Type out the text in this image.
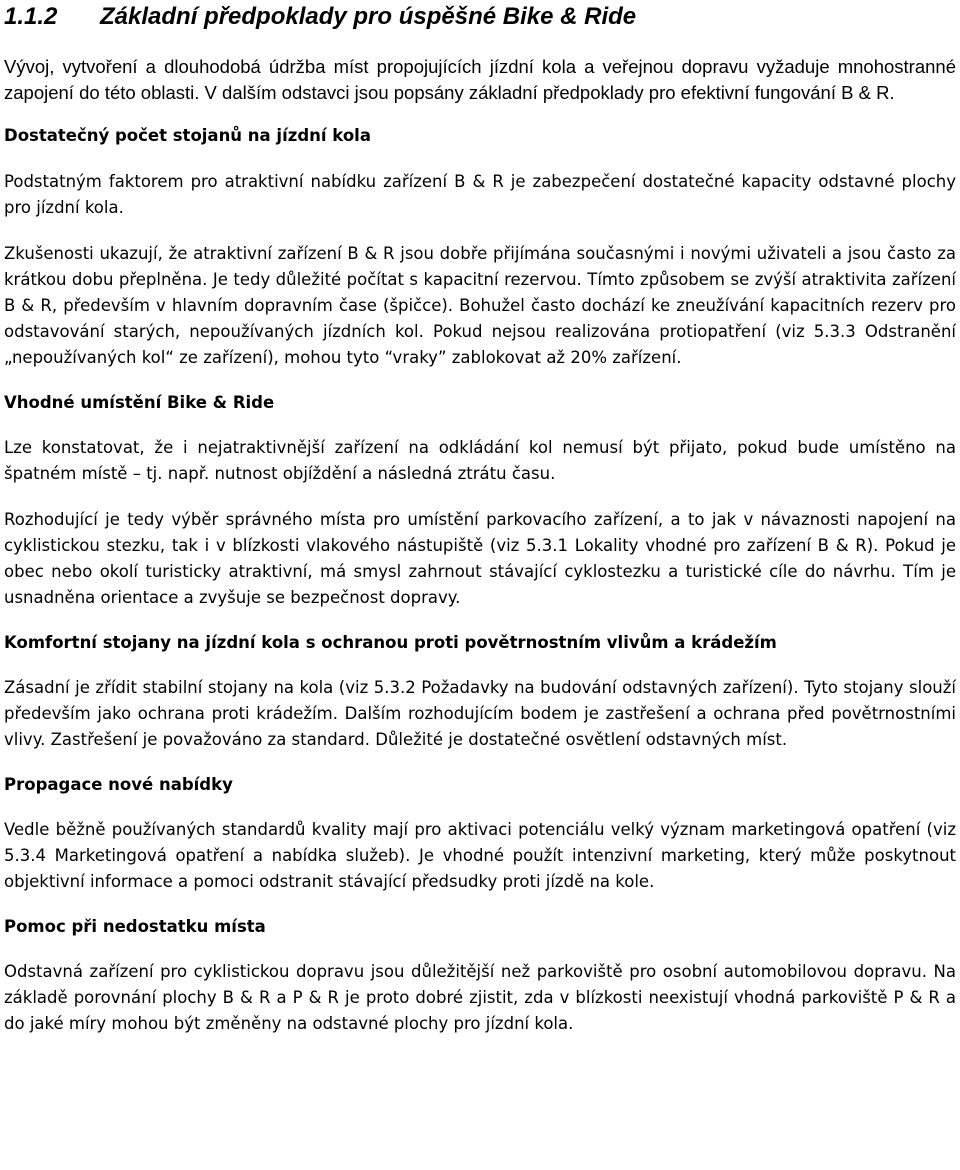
1.1.2 Základní předpoklady pro úspěšné Bike & Ride

Vývoj, vytvoření a dlouhodobá údržba míst propojujících jízdní kola a veřejnou dopravu vyžaduje mnohostranné zapojení do této oblasti. V dalším odstavci jsou popsány základní předpoklady pro efektivní fungování B & R.

Dostatečný počet stojanů na jízdní kola

Podstatným faktorem pro atraktivní nabídku zařízení B & R je zabezpečení dostatečné kapacity odstavné plochy pro jízdní kola.

Zkušenosti ukazují, že atraktivní zařízení B & R jsou dobře přijímána současnými i novými uživateli a jsou často za krátkou dobu přeplněna. Je tedy důležité počítat s kapacitní rezervou. Tímto způsobem se zvýší atraktivita zařízení B & R, především v hlavním dopravním čase (špičce). Bohužel často dochází ke zneužívání kapacitních rezerv pro odstavování starých, nepoužívaných jízdních kol. Pokud nejsou realizována protiopatření (viz 5.3.3 Odstranění „nepoužívaných kol“ ze zařízení), mohou tyto “vraky” zablokovat až 20% zařízení.

Vhodné umístění Bike & Ride

Lze konstatovat, že i nejatraktivnější zařízení na odkládání kol nemusí být přijato, pokud bude umístěno na špatném místě – tj. např. nutnost objíždění a následná ztrátu času.

Rozhodující je tedy výběr správného místa pro umístění parkovacího zařízení, a to jak v návaznosti napojení na cyklistickou stezku, tak i v blízkosti vlakového nástupiště (viz 5.3.1 Lokality vhodné pro zařízení B & R). Pokud je obec nebo okolí turisticky atraktivní, má smysl zahrnout stávající cyklostezku a turistické cíle do návrhu. Tím je usnadněna orientace a zvyšuje se bezpečnost dopravy.

Komfortní stojany na jízdní kola s ochranou proti povětrnostním vlivům a krádežím

Zásadní je zřídit stabilní stojany na kola (viz 5.3.2 Požadavky na budování odstavných zařízení). Tyto stojany slouží především jako ochrana proti krádežím. Dalším rozhodujícím bodem je zastřešení a ochrana před povětrnostními vlivy. Zastřešení je považováno za standard. Důležité je dostatečné osvětlení odstavných míst.

Propagace nové nabídky

Vedle běžně používaných standardů kvality mají pro aktivaci potenciálu velký význam marketingová opatření (viz 5.3.4 Marketingová opatření a nabídka služeb). Je vhodné použít intenzivní marketing, který může poskytnout objektivní informace a pomoci odstranit stávající předsudky proti jízdě na kole.

Pomoc při nedostatku místa

Odstavná zařízení pro cyklistickou dopravu jsou důležitější než parkoviště pro osobní automobilovou dopravu. Na základě porovnání plochy B & R a P & R je proto dobré zjistit, zda v blízkosti neexistují vhodná parkoviště P & R a do jaké míry mohou být změněny na odstavné plochy pro jízdní kola.
